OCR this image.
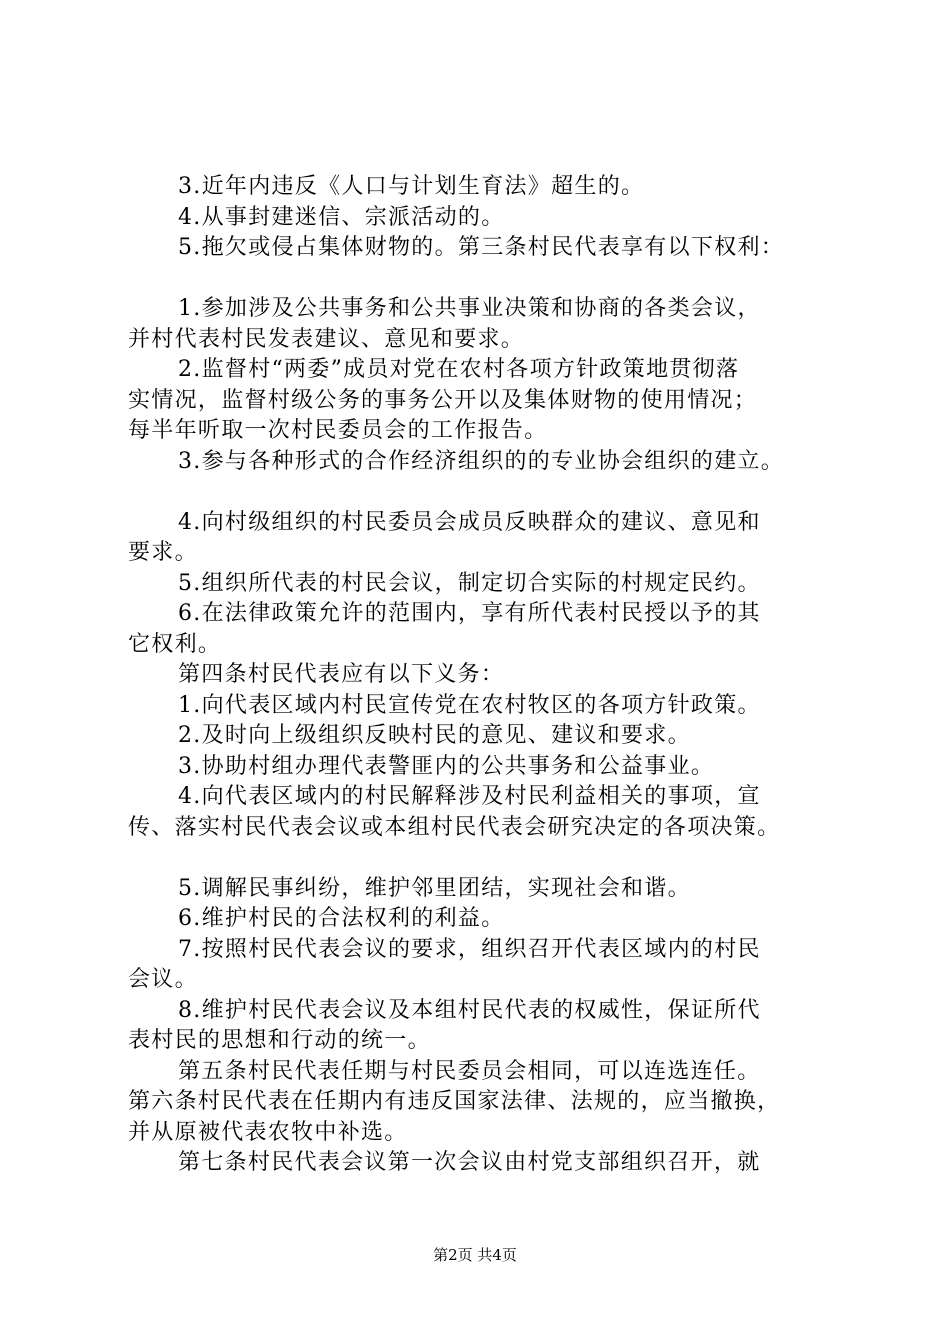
3.近年内违反《人口与计划生育法》超生的。
4.从事封建迷信、宗派活动的。
5.拖欠或侵占集体财物的。第三条村民代表享有以下权利：
1.参加涉及公共事务和公共事业决策和协商的各类会议，
并村代表村民发表建议、意见和要求。
2.监督村“两委”成员对党在农村各项方针政策地贯彻落
实情况，监督村级公务的事务公开以及集体财物的使用情况；
每半年听取一次村民委员会的工作报告。
3.参与各种形式的合作经济组织的的专业协会组织的建立。
4.向村级组织的村民委员会成员反映群众的建议、意见和
要求。
5.组织所代表的村民会议，制定切合实际的村规定民约。
6.在法律政策允许的范围内，享有所代表村民授以予的其
它权利。
第四条村民代表应有以下义务：
1.向代表区域内村民宣传党在农村牧区的各项方针政策。
2.及时向上级组织反映村民的意见、建议和要求。
3.协助村组办理代表警匪内的公共事务和公益事业。
4.向代表区域内的村民解释涉及村民利益相关的事项，宣
传、落实村民代表会议或本组村民代表会研究决定的各项决策。
5.调解民事纠纷，维护邻里团结，实现社会和谐。
6.维护村民的合法权利的利益。
7.按照村民代表会议的要求，组织召开代表区域内的村民
会议。
8.维护村民代表会议及本组村民代表的权威性，保证所代
表村民的思想和行动的统一。
第五条村民代表任期与村民委员会相同，可以连选连任。
第六条村民代表在任期内有违反国家法律、法规的，应当撤换，
并从原被代表农牧中补选。
第七条村民代表会议第一次会议由村党支部组织召开，就
第2页 共4页
